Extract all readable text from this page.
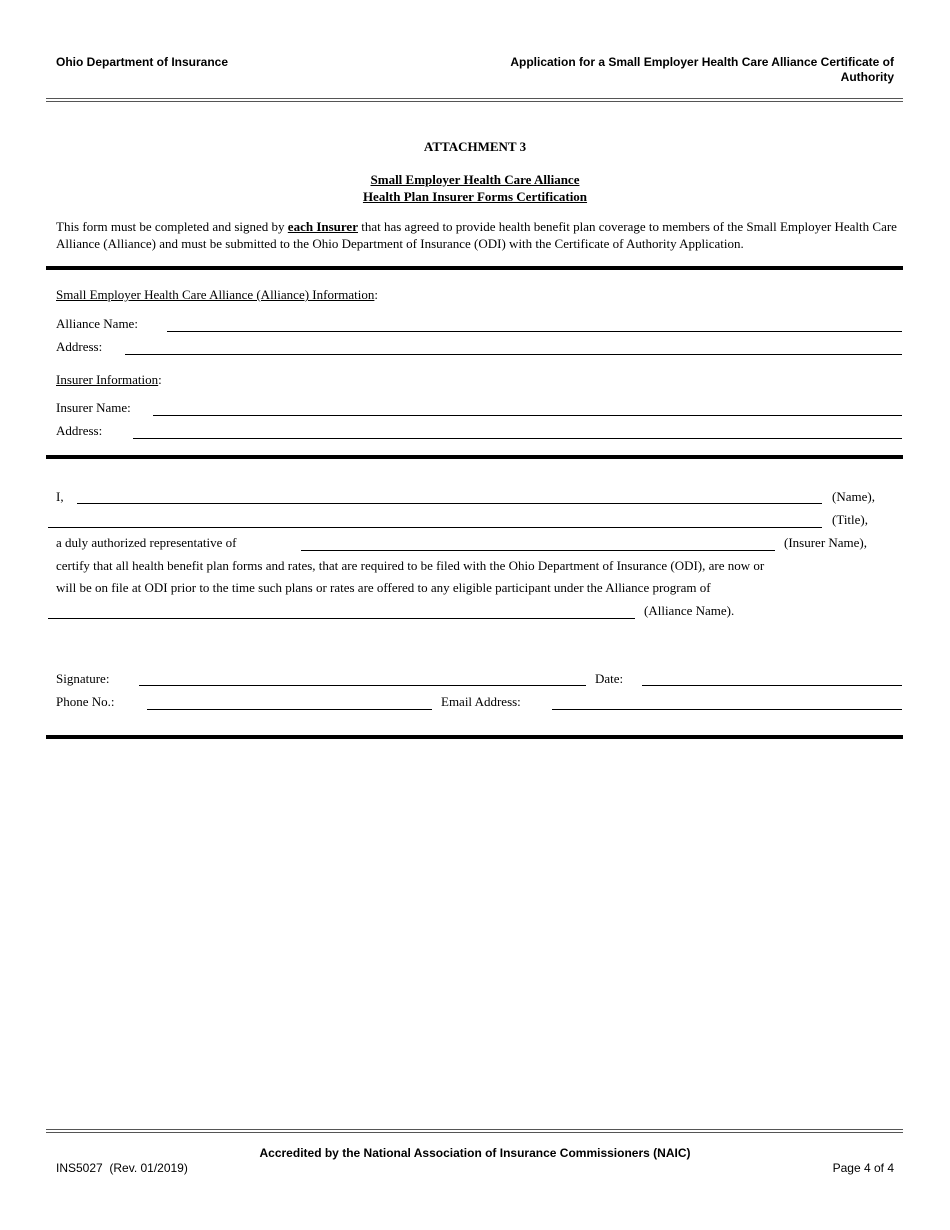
Ohio Department of Insurance	Application for a Small Employer Health Care Alliance Certificate of Authority
ATTACHMENT 3
Small Employer Health Care Alliance
Health Plan Insurer Forms Certification
This form must be completed and signed by each Insurer that has agreed to provide health benefit plan coverage to members of the Small Employer Health Care Alliance (Alliance) and must be submitted to the Ohio Department of Insurance (ODI) with the Certificate of Authority Application.
Small Employer Health Care Alliance (Alliance) Information:
Alliance Name:
Address:
Insurer Information:
Insurer Name:
Address:
I,	(Name),
(Title),
a duly authorized representative of	(Insurer Name),
certify that all health benefit plan forms and rates, that are required to be filed with the Ohio Department of Insurance (ODI), are now or
will be on file at ODI prior to the time such plans or rates are offered to any eligible participant under the Alliance program of
(Alliance Name).
Signature:	Date:
Phone No.:	Email Address:
Accredited by the National Association of Insurance Commissioners (NAIC)
INS5027  (Rev. 01/2019)	Page 4 of 4
